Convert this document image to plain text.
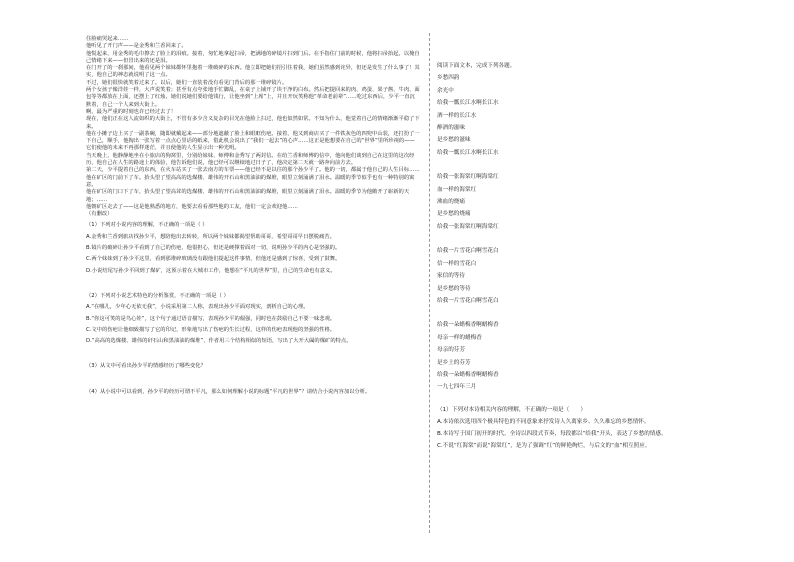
住脸痛哭起来……

他听见了开门声——是金秀和兰香回来了。

他慌起来，用金秀的毛巾擦去了脸上的泪痕。接着，匆忙地拿起扫帚，把满地的碎镜片扫到门后。在手指住门前的时候，他将扫帚抬起，以掩自己情绪下来——但冒出来的还是泪。

在门开了的一刹那间，他看见两个妹妹都怀里抱着一堆破碎的东西。他立即把她们招引住着我，她们虽然感到诧异，但还是发生了什么事了！其实，他自己的神态就说明了这一点。

不过，她们很快就笑着过来了。以后，她们一直装着没有看见门背后的那一堆碎镜片。

两个女孩子像洋娃一样，大声说笑着；甚至有点夸张地手忙脚乱，在桌子上铺开了块干净的白布。然后把提回来的肉、鸡蛋、果子酱、牛肉、面包等等都放在上面，还摆上了红烛，她们说她们要给他饯行，让他坐到“上席”上，并且开玩笑称他“革命老前辈”……吃过东西后，少平一直沉默着，自己一个人来到大街上。

啊，最为严重的时刻也许已经过去了！

现在，他们正在这人流如织的大街上，不管有多少含义复杂的目光在他脸上扫过，他也似然如常。不知为什么，他觉着自己的情绪渐渐平稳了下来。

他在小摊子边上买了一副茶碗，随即就戴起来——部分地遮蔽了脸上和眼眶伤疤。接着，他又到商店买了一件铁灰色的四兜中山装，还打扮了一下自己，顺手，他掏出一张写着一点点心里话的纸来，借此机会说出了“我们一起去”的心声……这正是他想要在自己的“世界”里所珍视的——它们使他的未来不再那样迷茫，并且使他的人生显示出一种光明。

当天晚上，他静静地坐在小旅店的狗窝里，分别给妹妹、师傅和金秀写了两封信。在给兰香和师傅的信中，他向他们谈到自己在这里的这次经历，他自己在人生的路途上的体验，他告诉他们说，他已经可以继续地过日子了，他决定第二天就一路奔向前方去。

第二天，少平提着自己的东西，在火车站买了一张去南方的车票——他已经不是以往的那个孙少平了。他的一切，都属于他自己的人生目标……

他在矿区的门前下了车。抬头望了望高高的选煤楼、雄伟的开石山和黑油油的煤堆，眼里立刻涌满了泪水。温暖的季节似乎也有一种特别的寓意。

他在矿区的门口下了车，抬头望了望高耸的选煤楼、雄伟的开石山和黑油油的煤堆，眼里立刻涌满了泪水。温暖的季节为他敞开了崭新的天地；……

他朝矿区走去了——这是他熟悉的地方，他要去看看那些他的工友，他们一定会欢迎他……

（有删改）

（1）下列对小说内容的理解，不正确的一项是（ ）

A.金秀和兰香到旅店找孙少平，想陪他出去转转，所以两个妹妹都渴望帮助哥哥，希望哥哥早日摆脱痛苦。

B.镜片的破碎让孙少平看到了自己的伤疤，他很担心，但还是硬撑着面对一切，说明孙少平的内心是坚强的。

C.两个妹妹到了孙少平这里，看到那堆碎玻璃没有跟他们提起这件事情，但他还是感到了惊喜，受到了鼓舞。

D.小说结尾写孙少平回到了煤矿，这预示着在大城市工作，他想在“平凡的世界”里，自己的生命也有意义。

（2）下列对小说艺术特色的分析鉴赏，不正确的一项是（ ）

A.“在哪儿，少年心无依无我”，小说采用第二人称，表现出孙少平面对现实，剖析自己的心理。

B.“你这可笑的是鸟心娃”，这个句子通过语音描写，表现孙少平的倔强，同时也在鼓励自己不要一味悲观。

C.文中的伤疤让他细致描写了它的印记，形象地写出了伤疤的生长过程，这样的伤疤表现他的坚强的性格。

D.“高高的选煤楼、雄伟的矸石山和黑油油的煤堆”，作者用三个结构相似的短语，写出了大开大阖的煤矿的特点。

（3）从文中可看出孙少平的情感经历了哪些变化？

（4）从小说中可以看到，孙少平的经历可谓不平凡，那么如何理解小说的标题“平凡的世界”？请结合小说内容加以分析。

阅读下面文本，完成下列各题。

乡愁四韵

余光中

给我一瓢长江水啊长江水

酒一样的长江水

醉酒的滋味

是乡愁的滋味

给我一瓢长江水啊长江水

给我一张海棠红啊海棠红

血一样的海棠红

沸血的烧痛

是乡愁的烧痛

给我一张海棠红啊海棠红

给我一片雪花白啊雪花白

信一样的雪花白

家信的等待

是乡愁的等待

给我一片雪花白啊雪花白

给我一朵蜡梅香啊蜡梅香

母亲一样的蜡梅香

母亲的芬芳

是乡土的芬芳

给我一朵蜡梅香啊蜡梅香

一九七四年三月

（1）下列对本诗相关内容的理解，不正确的一项是（　　）

A.本诗依次选用四个极具特色的不同意象来抒发诗人久离家乡、久久难忘的乡愁情怀。

B.本诗写于国门初开的时代，全诗以四段式节奏，每段都以“给我”开头，表达了乡愁的情感。

C.不说“红海棠”而说“海棠红”，是为了强调“红”的鲜艳绚烂，与后文的“血”相互照应。
